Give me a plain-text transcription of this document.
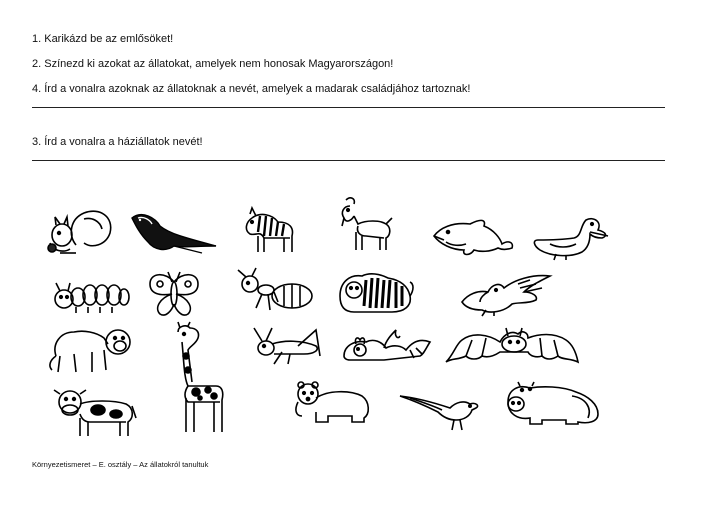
1. Karikázd be az emlősöket!
2. Színezd ki azokat az állatokat, amelyek nem honosak Magyarországon!
4. Írd a vonalra azoknak az állatoknak a nevét, amelyek a madarak családjához tartoznak!
3. Írd a vonalra a háziállatok nevét!
Környezetismeret – E. osztály – Az állatokról tanultuk
